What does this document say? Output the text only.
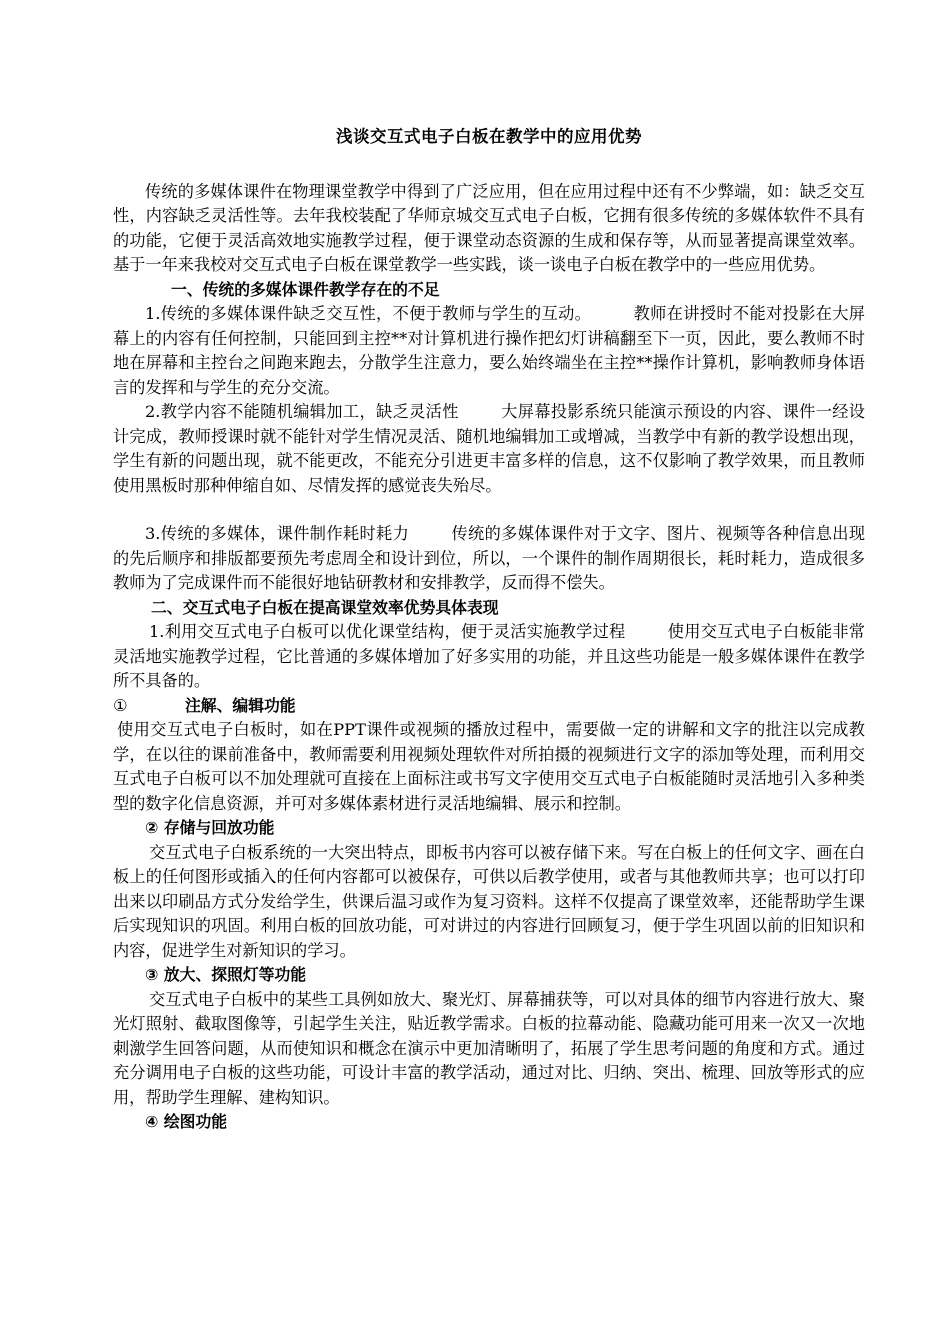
浅谈交互式电子白板在教学中的应用优势

传统的多媒体课件在物理课堂教学中得到了广泛应用，但在应用过程中还有不少弊端，如：缺乏交互性，内容缺乏灵活性等。去年我校装配了华师京城交互式电子白板，它拥有很多传统的多媒体软件不具有的功能，它便于灵活高效地实施教学过程，便于课堂动态资源的生成和保存等，从而显著提高课堂效率。基于一年来我校对交互式电子白板在课堂教学一些实践，谈一谈电子白板在教学中的一些应用优势。

一、传统的多媒体课件教学存在的不足

1.传统的多媒体课件缺乏交互性，不便于教师与学生的互动。	教师在讲授时不能对投影在大屏幕上的内容有任何控制，只能回到主控**对计算机进行操作把幻灯讲稿翻至下一页，因此，要么教师不时地在屏幕和主控台之间跑来跑去，分散学生注意力，要么始终端坐在主控**操作计算机，影响教师身体语言的发挥和与学生的充分交流。

2.教学内容不能随机编辑加工，缺乏灵活性	大屏幕投影系统只能演示预设的内容、课件一经设计完成，教师授课时就不能针对学生情况灵活、随机地编辑加工或增减，当教学中有新的教学设想出现，学生有新的问题出现，就不能更改，不能充分引进更丰富多样的信息，这不仅影响了教学效果，而且教师使用黑板时那种伸缩自如、尽情发挥的感觉丧失殆尽。

3.传统的多媒体，课件制作耗时耗力	传统的多媒体课件对于文字、图片、视频等各种信息出现的先后顺序和排版都要预先考虑周全和设计到位，所以，一个课件的制作周期很长，耗时耗力，造成很多教师为了完成课件而不能很好地钻研教材和安排教学，反而得不偿失。

二、交互式电子白板在提高课堂效率优势具体表现

1.利用交互式电子白板可以优化课堂结构，便于灵活实施教学过程	使用交互式电子白板能非常灵活地实施教学过程，它比普通的多媒体增加了好多实用的功能，并且这些功能是一般多媒体课件在教学所不具备的。

①	注解、编辑功能

使用交互式电子白板时，如在PPT课件或视频的播放过程中，需要做一定的讲解和文字的批注以完成教学，在以往的课前准备中，教师需要利用视频处理软件对所拍摄的视频进行文字的添加等处理，而利用交互式电子白板可以不加处理就可直接在上面标注或书写文字使用交互式电子白板能随时灵活地引入多种类型的数字化信息资源，并可对多媒体素材进行灵活地编辑、展示和控制。

② 存储与回放功能

交互式电子白板系统的一大突出特点，即板书内容可以被存储下来。写在白板上的任何文字、画在白板上的任何图形或插入的任何内容都可以被保存，可供以后教学使用，或者与其他教师共享；也可以打印出来以印刷品方式分发给学生，供课后温习或作为复习资料。这样不仅提高了课堂效率，还能帮助学生课后实现知识的巩固。利用白板的回放功能，可对讲过的内容进行回顾复习，便于学生巩固以前的旧知识和内容，促进学生对新知识的学习。

③ 放大、探照灯等功能

交互式电子白板中的某些工具例如放大、聚光灯、屏幕捕获等，可以对具体的细节内容进行放大、聚光灯照射、截取图像等，引起学生关注，贴近教学需求。白板的拉幕动能、隐藏功能可用来一次又一次地刺激学生回答问题，从而使知识和概念在演示中更加清晰明了，拓展了学生思考问题的角度和方式。通过充分调用电子白板的这些功能，可设计丰富的教学活动，通过对比、归纳、突出、梳理、回放等形式的应用，帮助学生理解、建构知识。

④ 绘图功能
